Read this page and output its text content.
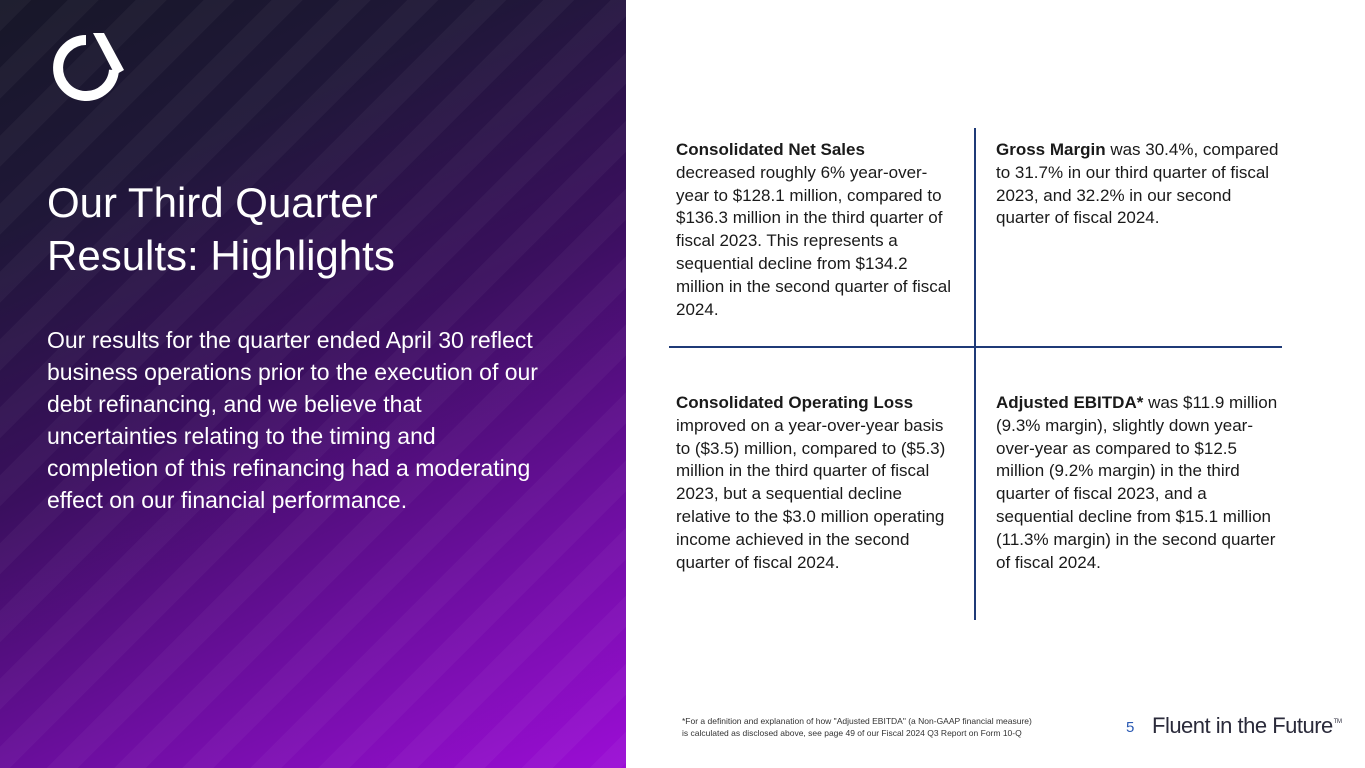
Our Third Quarter
Results: Highlights

Our results for the quarter ended April 30 reflect business operations prior to the execution of our debt refinancing, and we believe that uncertainties relating to the timing and completion of this refinancing had a moderating effect on our financial performance.

Consolidated Net Sales
decreased roughly 6% year-over-year to $128.1 million, compared to $136.3 million in the third quarter of fiscal 2023. This represents a sequential decline from $134.2 million in the second quarter of fiscal 2024.

Gross Margin was 30.4%, compared to 31.7% in our third quarter of fiscal 2023, and 32.2% in our second quarter of fiscal 2024.

Consolidated Operating Loss
improved on a year-over-year basis to ($3.5) million, compared to ($5.3) million in the third quarter of fiscal 2023, but a sequential decline relative to the $3.0 million operating income achieved in the second quarter of fiscal 2024.

Adjusted EBITDA* was $11.9 million (9.3% margin), slightly down year-over-year as compared to $12.5 million (9.2% margin) in the third quarter of fiscal 2023, and a sequential decline from $15.1 million (11.3% margin) in the second quarter of fiscal 2024.

*For a definition and explanation of how "Adjusted EBITDA" (a Non-GAAP financial measure)
is calculated as disclosed above, see page 49 of our Fiscal 2024 Q3 Report on Form 10-Q	5 Fluent in the Future™
